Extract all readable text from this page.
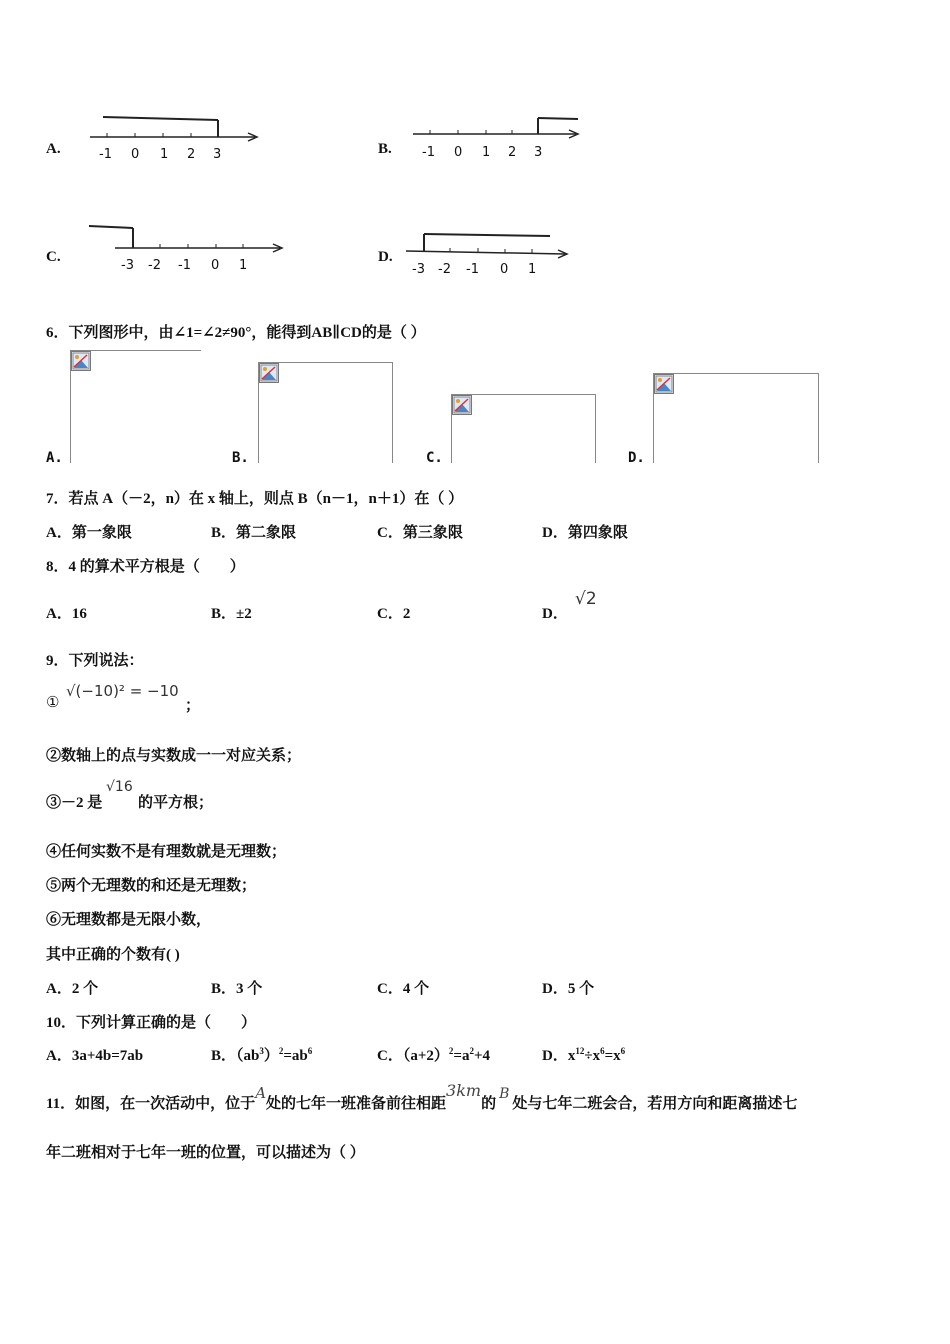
A.	-1 0 1 2 3	B. -1 0 1 2 3
C.
-3 -2 -1 0 1
D.
-3 -2 -1 0 1
6．下列图形中，由∠1=∠2≠90°，能得到AB∥CD的是（ ）
A.	B.	C.	D.
7．若点 A（－2，n）在 x 轴上，则点 B（n－1，n＋1）在（ ）
A．第一象限	B．第二象限	C．第三象限	D．第四象限
8．4 的算术平方根是（　　）
A．16	B．±2	C．2	D．
√2
9．下列说法：
①
√(−10)² = −10
；
②数轴上的点与实数成一一对应关系；
③－2 是
√16
的平方根；
④任何实数不是有理数就是无理数；
⑤两个无理数的和还是无理数；
⑥无理数都是无限小数，
其中正确的个数有( )
A．2 个	B．3 个	C．4 个	D．5 个
10．下列计算正确的是（　　）
A．3a+4b=7ab	B．$(ab^3)^2=ab^6$	C．$(a+2)^2=a^2+4$	D．$x^{12}\div x^6=x^6$
11．如图，在一次活动中，位于A处的七年一班准备前往相距3km的B处与七年二班会合，若用方向和距离描述七
年二班相对于七年一班的位置，可以描述为（ ）
